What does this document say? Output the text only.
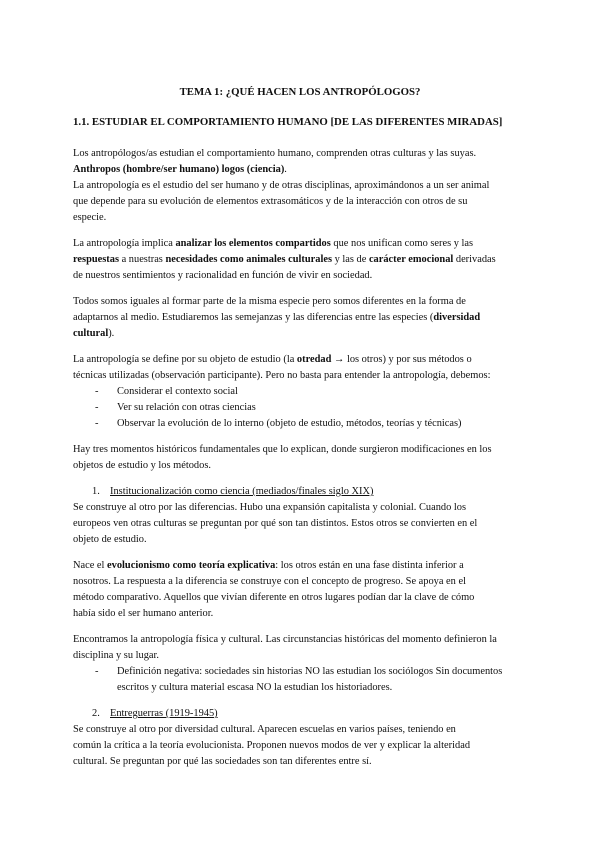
TEMA 1: ¿QUÉ HACEN LOS ANTROPÓLOGOS?
1.1. ESTUDIAR EL COMPORTAMIENTO HUMANO [DE LAS DIFERENTES MIRADAS]
Los antropólogos/as estudian el comportamiento humano, comprenden otras culturas y las suyas.
Anthropos (hombre/ser humano) logos (ciencia).
La antropología es el estudio del ser humano y de otras disciplinas, aproximándonos a un ser animal
que depende para su evolución de elementos extrasomáticos y de la interacción con otros de su
especie.
La antropología implica analizar los elementos compartidos que nos unifican como seres y las
respuestas a nuestras necesidades como animales culturales y las de carácter emocional derivadas
de nuestros sentimientos y racionalidad en función de vivir en sociedad.
Todos somos iguales al formar parte de la misma especie pero somos diferentes en la forma de
adaptarnos al medio. Estudiaremos las semejanzas y las diferencias entre las especies (diversidad
cultural).
La antropología se define por su objeto de estudio (la otredad → los otros) y por sus métodos o
técnicas utilizadas (observación participante). Pero no basta para entender la antropología, debemos:
- Considerar el contexto social
- Ver su relación con otras ciencias
- Observar la evolución de lo interno (objeto de estudio, métodos, teorías y técnicas)
Hay tres momentos históricos fundamentales que lo explican, donde surgieron modificaciones en los
objetos de estudio y los métodos.
1. Institucionalización como ciencia (mediados/finales siglo XIX)
Se construye al otro por las diferencias. Hubo una expansión capitalista y colonial. Cuando los
europeos ven otras culturas se preguntan por qué son tan distintos. Estos otros se convierten en el
objeto de estudio.
Nace el evolucionismo como teoría explicativa: los otros están en una fase distinta inferior a
nosotros. La respuesta a la diferencia se construye con el concepto de progreso. Se apoya en el
método comparativo. Aquellos que vivían diferente en otros lugares podían dar la clave de cómo
había sido el ser humano anterior.
Encontramos la antropología física y cultural. Las circunstancias históricas del momento definieron la
disciplina y su lugar.
- Definición negativa: sociedades sin historias NO las estudian los sociólogos Sin documentos
escritos y cultura material escasa NO la estudian los historiadores.
2. Entreguerras (1919-1945)
Se construye al otro por diversidad cultural. Aparecen escuelas en varios países, teniendo en
común la crítica a la teoría evolucionista. Proponen nuevos modos de ver y explicar la alteridad
cultural. Se preguntan por qué las sociedades son tan diferentes entre sí.
